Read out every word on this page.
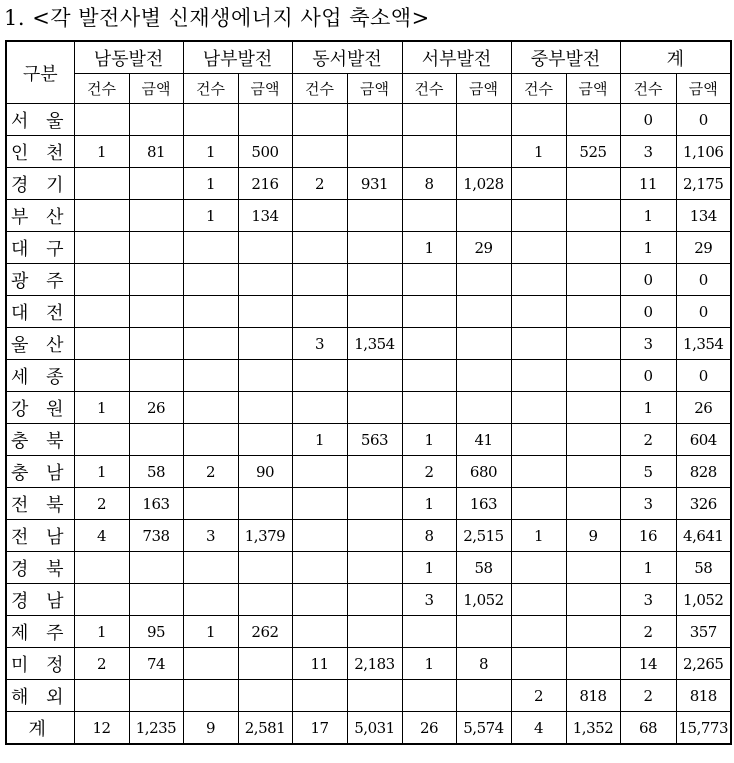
1. <각 발전사별 신재생에너지 사업 축소액>
구분	남동발전		남부발전		동서발전		서부발전		중부발전		계	
	건수	금액	건수	금액	건수	금액	건수	금액	건수	금액	건수	금액
서 울											0	0
인 천	1	81	1	500					1	525	3	1,106
경 기			1	216	2	931	8	1,028			11	2,175
부 산			1	134							1	134
대 구							1	29			1	29
광 주											0	0
대 전											0	0
울 산					3	1,354					3	1,354
세 종											0	0
강 원	1	26									1	26
충 북					1	563	1	41			2	604
충 남	1	58	2	90			2	680			5	828
전 북	2	163					1	163			3	326
전 남	4	738	3	1,379			8	2,515	1	9	16	4,641
경 북							1	58			1	58
경 남							3	1,052			3	1,052
제 주	1	95	1	262							2	357
미 정	2	74			11	2,183	1	8			14	2,265
해 외									2	818	2	818
계	12	1,235	9	2,581	17	5,031	26	5,574	4	1,352	68	15,773
